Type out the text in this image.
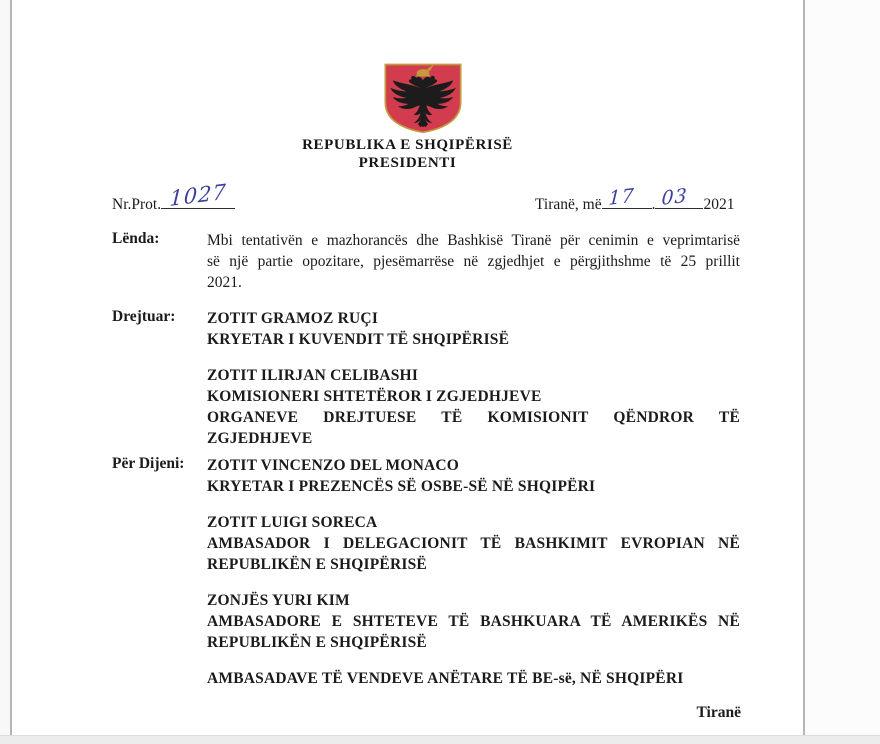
REPUBLIKA E SHQIPËRISË
PRESIDENTI
Nr.Prot. 1027	Tiranë, më 17 . 03 2021
Lënda:	Mbi tentativën e mazhorancës dhe Bashkisë Tiranë për cenimin e veprimtarisë
së një partie opozitare, pjesëmarrëse në zgjedhjet e përgjithshme të 25 prillit
2021.
Drejtuar: ZOTIT GRAMOZ RUÇI
KRYETAR I KUVENDIT TË SHQIPËRISË
ZOTIT ILIRJAN CELIBASHI
KOMISIONERI SHTETËROR I ZGJEDHJEVE
ORGANEVE DREJTUESE TË KOMISIONIT QËNDROR TË
ZGJEDHJEVE
Për Dijeni: ZOTIT VINCENZO DEL MONACO
KRYETAR I PREZENCËS SË OSBE-SË NË SHQIPËRI
ZOTIT LUIGI SORECA
AMBASADOR I DELEGACIONIT TË BASHKIMIT EVROPIAN NË
REPUBLIKËN E SHQIPËRISË
ZONJËS YURI KIM
AMBASADORE E SHTETEVE TË BASHKUARA TË AMERIKËS NË
REPUBLIKËN E SHQIPËRISË
AMBASADAVE TË VENDEVE ANËTARE TË BE-së, NË SHQIPËRI
Tiranë
